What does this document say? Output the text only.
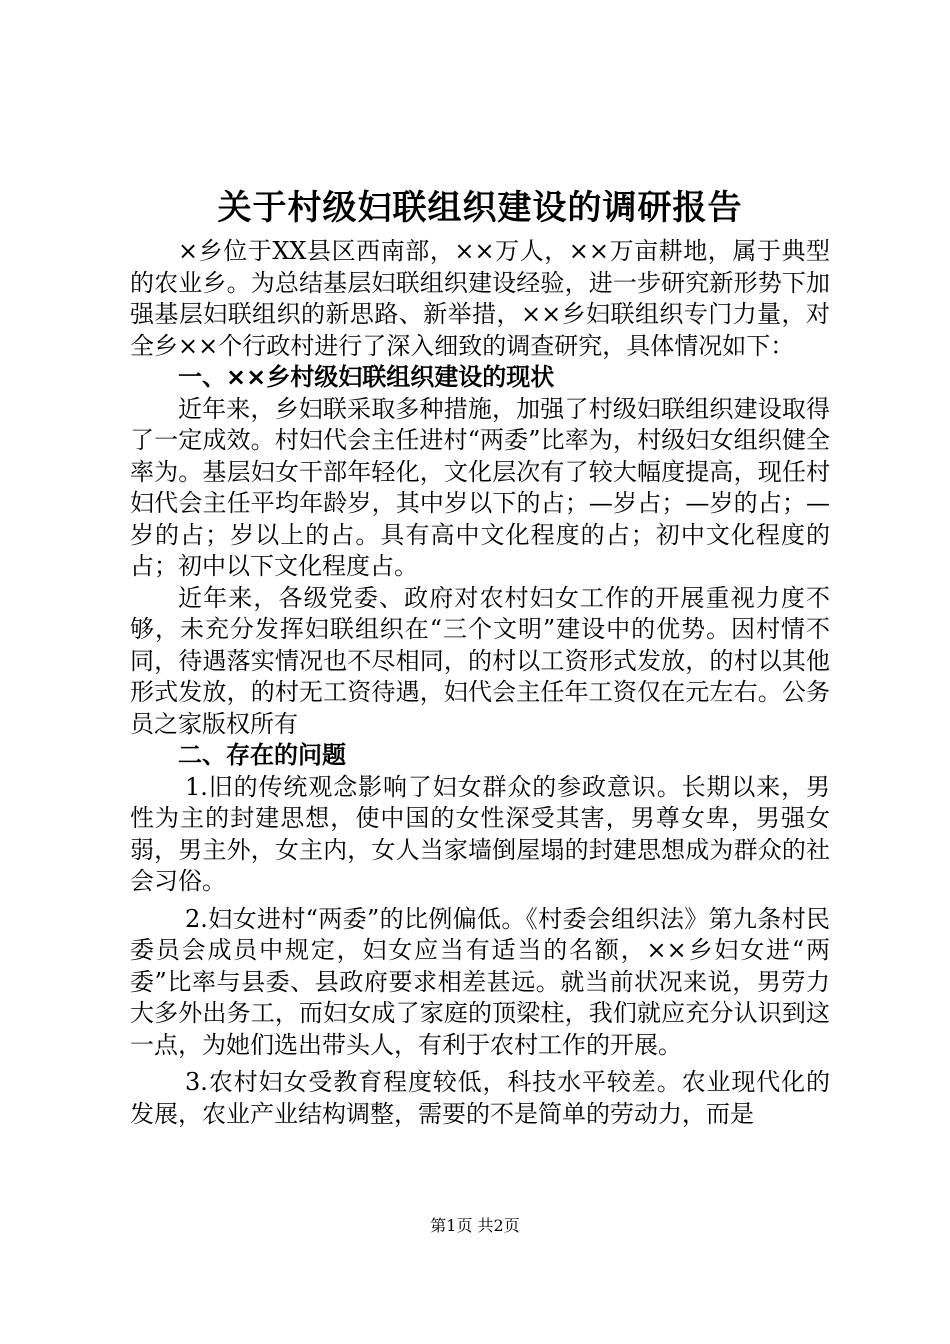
关于村级妇联组织建设的调研报告

×乡位于XX县区西南部，××万人，××万亩耕地，属于典型的农业乡。为总结基层妇联组织建设经验，进一步研究新形势下加强基层妇联组织的新思路、新举措，××乡妇联组织专门力量，对全乡××个行政村进行了深入细致的调查研究，具体情况如下：

一、××乡村级妇联组织建设的现状

近年来，乡妇联采取多种措施，加强了村级妇联组织建设取得了一定成效。村妇代会主任进村“两委”比率为，村级妇女组织健全率为。基层妇女干部年轻化，文化层次有了较大幅度提高，现任村妇代会主任平均年龄岁，其中岁以下的占；—岁占；—岁的占；—岁的占；岁以上的占。具有高中文化程度的占；初中文化程度的占；初中以下文化程度占。

近年来，各级党委、政府对农村妇女工作的开展重视力度不够，未充分发挥妇联组织在“三个文明”建设中的优势。因村情不同，待遇落实情况也不尽相同，的村以工资形式发放，的村以其他形式发放，的村无工资待遇，妇代会主任年工资仅在元左右。公务员之家版权所有

二、存在的问题

1.旧的传统观念影响了妇女群众的参政意识。长期以来，男性为主的封建思想，使中国的女性深受其害，男尊女卑，男强女弱，男主外，女主内，女人当家墙倒屋塌的封建思想成为群众的社会习俗。

2.妇女进村“两委”的比例偏低。《村委会组织法》第九条村民委员会成员中规定，妇女应当有适当的名额，××乡妇女进“两委”比率与县委、县政府要求相差甚远。就当前状况来说，男劳力大多外出务工，而妇女成了家庭的顶梁柱，我们就应充分认识到这一点，为她们选出带头人，有利于农村工作的开展。

3.农村妇女受教育程度较低，科技水平较差。农业现代化的发展，农业产业结构调整，需要的不是简单的劳动力，而是

第1页 共2页
